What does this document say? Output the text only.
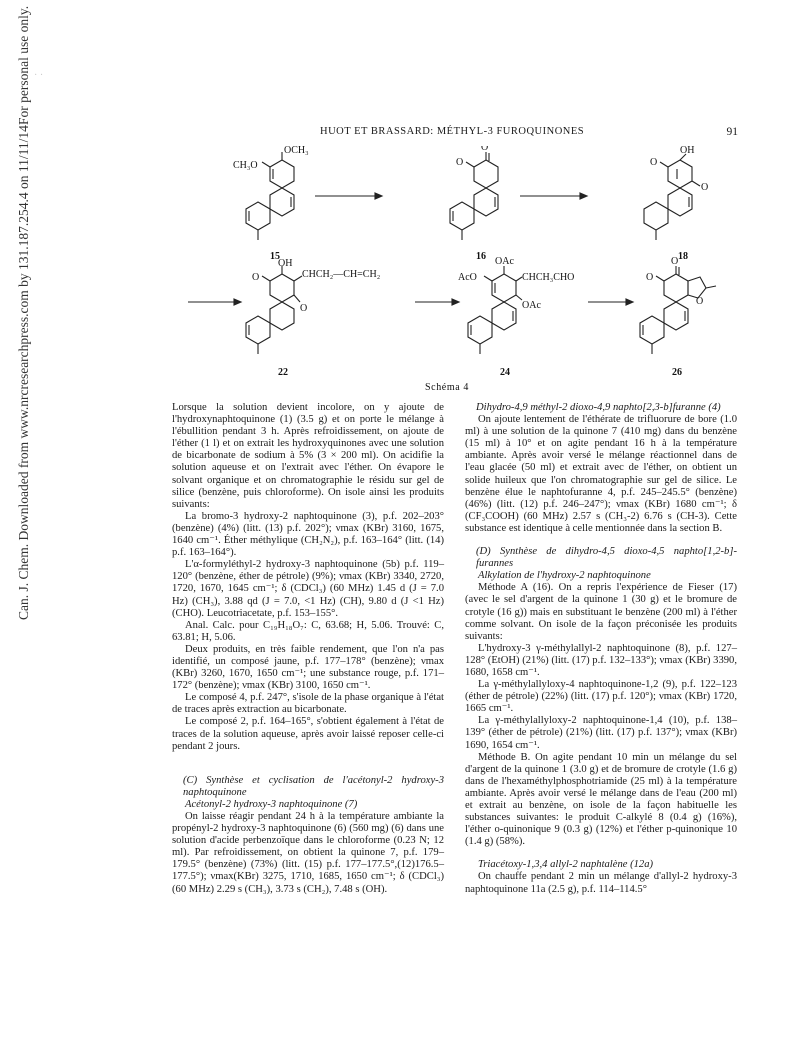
· ·
Can. J. Chem. Downloaded from www.nrcresearchpress.com by 131.187.254.4 on 11/11/14

For personal use only.
HUOT ET BRASSARD: MÉTHYL-3 FUROQUINONES	91
OCH₃
CH₃O
15
O
O
16
OH
O
O
18
OH
O	CHCH₂—CH=CH₂
O
22
OAc
AcO	CHCH₃CHO
OAc
24
O
O
O
26
Schéma 4

Lorsque la solution devient incolore, on y ajoute de l'hydroxynaphtoquinone (1) (3.5 g) et on porte le mélange à l'ébullition pendant 3 h. Après refroidissement, on ajoute de l'éther (1 l) et on extrait les hydroxyquinones avec une solution de bicarbonate de sodium à 5% (3 × 200 ml). On acidifie la solution aqueuse et on l'extrait avec l'éther. On évapore le solvant organique et on chromatographie le résidu sur gel de silice (benzène, puis chloroforme). On isole ainsi les produits suivants:

La bromo-3 hydroxy-2 naphtoquinone (3), p.f. 202–203° (benzène) (4%) (litt. (13) p.f. 202°); νmax (KBr) 3160, 1675, 1640 cm⁻¹. Éther méthylique (CH₂N₂), p.f. 163–164° (litt. (14) p.f. 163–164°).

L'α-formyléthyl-2 hydroxy-3 naphtoquinone (5b) p.f. 119–120° (benzène, éther de pétrole) (9%); νmax (KBr) 3340, 2720, 1720, 1670, 1645 cm⁻¹; δ (CDCl₃) (60 MHz) 1.45 d (J = 7.0 Hz) (CH₃), 3.88 qd (J = 7.0, <1 Hz) (CH), 9.80 d (J <1 Hz) (CHO). Leucotriacetate, p.f. 153–155°.

Anal. Calc. pour C₁₉H₁₈O₇: C, 63.68; H, 5.06. Trouvé: C, 63.81; H, 5.06.

Deux produits, en très faible rendement, que l'on n'a pas identifié, un composé jaune, p.f. 177–178° (benzène); νmax (KBr) 3260, 1670, 1650 cm⁻¹; une substance rouge, p.f. 171–172° (benzène); νmax (KBr) 3100, 1650 cm⁻¹.

Le composé 4, p.f. 247°, s'isole de la phase organique à l'état de traces après extraction au bicarbonate.

Le composé 2, p.f. 164–165°, s'obtient également à l'état de traces de la solution aqueuse, après avoir laissé reposer celle-ci pendant 2 jours.

(C) Synthèse et cyclisation de l'acétonyl-2 hydroxy-3 naphtoquinone

Acétonyl-2 hydroxy-3 naphtoquinone (7)

On laisse réagir pendant 24 h à la température ambiante la propényl-2 hydroxy-3 naphtoquinone (6) (560 mg) (6) dans une solution d'acide perbenzoïque dans le chloroforme (0.23 N; 12 ml). Par refroidissement, on obtient la quinone 7, p.f. 179–179.5° (benzène) (73%) (litt. (15) p.f. 177–177.5°,(12)176.5–177.5°); νmax(KBr) 3275, 1710, 1685, 1650 cm⁻¹; δ (CDCl₃) (60 MHz) 2.29 s (CH₃), 3.73 s (CH₂), 7.48 s (OH).

Dihydro-4,9 méthyl-2 dioxo-4,9 naphto[2,3-b]furanne (4)

On ajoute lentement de l'éthérate de trifluorure de bore (1.0 ml) à une solution de la quinone 7 (410 mg) dans du benzène (15 ml) à 10° et on agite pendant 16 h à la température ambiante. Après avoir versé le mélange réactionnel dans de l'eau glacée (50 ml) et extrait avec de l'éther, on obtient un solide huileux que l'on chromatographie sur gel de silice. Le benzène élue le naphtofuranne 4, p.f. 245–245.5° (benzène) (46%) (litt. (12) p.f. 246–247°); νmax (KBr) 1680 cm⁻¹; δ (CF₃COOH) (60 MHz) 2.57 s (CH₃-2) 6.76 s (CH-3). Cette substance est identique à celle mentionnée dans la section B.

(D) Synthèse de dihydro-4,5 dioxo-4,5 naphto[1,2-b]-furannes

Alkylation de l'hydroxy-2 naphtoquinone

Méthode A (16). On a repris l'expérience de Fieser (17) (avec le sel d'argent de la quinone 1 (30 g) et le bromure de crotyle (16 g)) mais en substituant le benzène (200 ml) à l'éther comme solvant. On isole de la façon préconisée les produits suivants:

L'hydroxy-3 γ-méthylallyl-2 naphtoquinone (8), p.f. 127–128° (EtOH) (21%) (litt. (17) p.f. 132–133°); νmax (KBr) 3390, 1680, 1658 cm⁻¹.

La γ-méthylallyloxy-4 naphtoquinone-1,2 (9), p.f. 122–123 (éther de pétrole) (22%) (litt. (17) p.f. 120°); νmax (KBr) 1720, 1665 cm⁻¹.

La γ-méthylallyloxy-2 naphtoquinone-1,4 (10), p.f. 138–139° (éther de pétrole) (21%) (litt. (17) p.f. 137°); νmax (KBr) 1690, 1654 cm⁻¹.

Méthode B. On agite pendant 10 min un mélange du sel d'argent de la quinone 1 (3.0 g) et de bromure de crotyle (1.6 g) dans de l'hexaméthylphosphotriamide (25 ml) à la température ambiante. Après avoir versé le mélange dans de l'eau (200 ml) et extrait au benzène, on isole de la façon habituelle les substances suivantes: le produit C-alkylé 8 (0.4 g) (16%), l'éther o-quinonique 9 (0.3 g) (12%) et l'éther p-quinonique 10 (1.4 g) (58%).

Triacétoxy-1,3,4 allyl-2 naphtalène (12a)

On chauffe pendant 2 min un mélange d'allyl-2 hydroxy-3 naphtoquinone 11a (2.5 g), p.f. 114–114.5°
